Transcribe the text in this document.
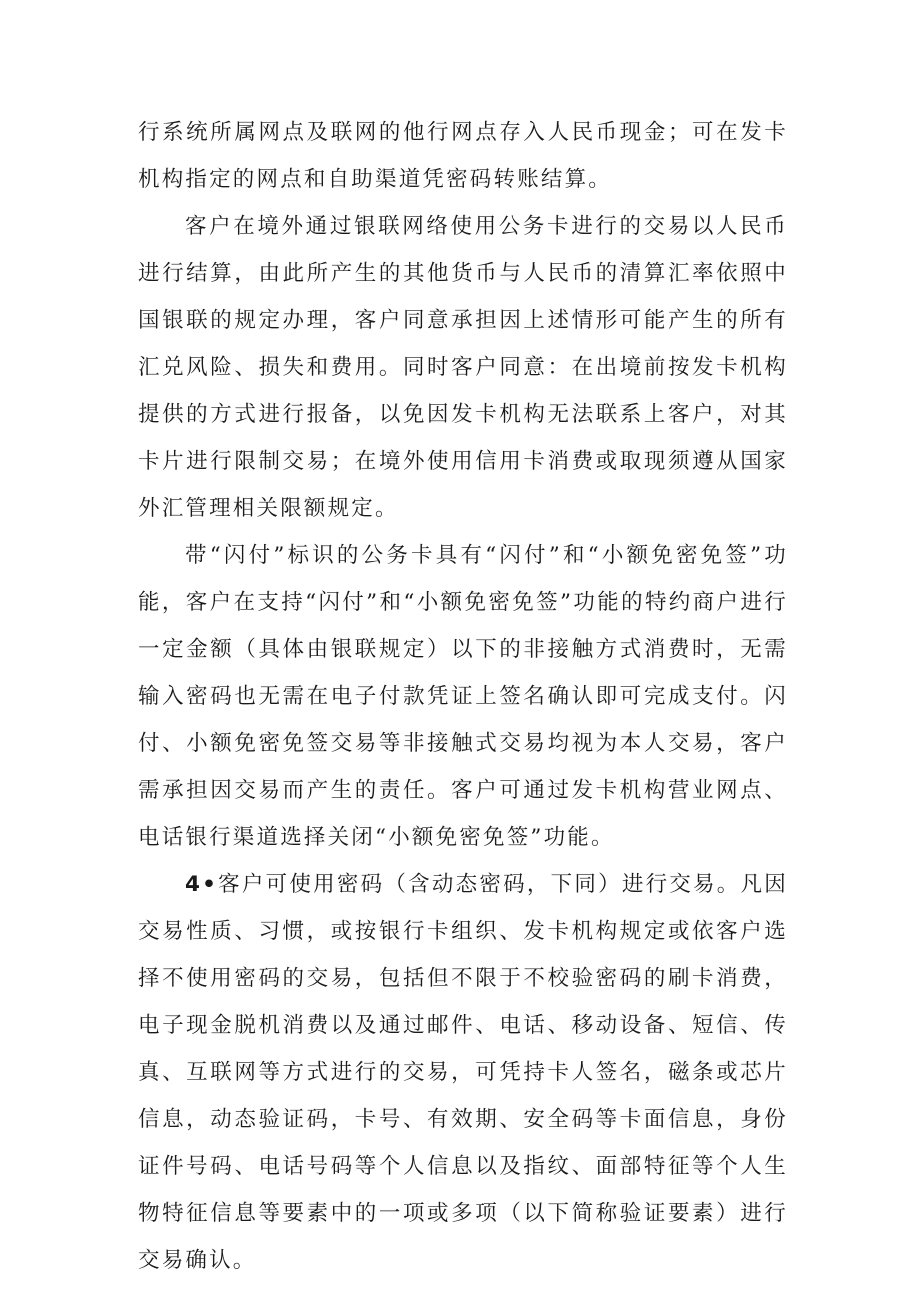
行系统所属网点及联网的他行网点存入人民币现金；可在发卡机构指定的网点和自助渠道凭密码转账结算。

客户在境外通过银联网络使用公务卡进行的交易以人民币进行结算，由此所产生的其他货币与人民币的清算汇率依照中国银联的规定办理，客户同意承担因上述情形可能产生的所有汇兑风险、损失和费用。同时客户同意：在出境前按发卡机构提供的方式进行报备，以免因发卡机构无法联系上客户，对其卡片进行限制交易；在境外使用信用卡消费或取现须遵从国家外汇管理相关限额规定。

带“闪付”标识的公务卡具有“闪付”和“小额免密免签”功能，客户在支持“闪付”和“小额免密免签”功能的特约商户进行一定金额（具体由银联规定）以下的非接触方式消费时，无需输入密码也无需在电子付款凭证上签名确认即可完成支付。闪付、小额免密免签交易等非接触式交易均视为本人交易，客户需承担因交易而产生的责任。客户可通过发卡机构营业网点、电话银行渠道选择关闭“小额免密免签”功能。

4•客户可使用密码（含动态密码，下同）进行交易。凡因交易性质、习惯，或按银行卡组织、发卡机构规定或依客户选择不使用密码的交易，包括但不限于不校验密码的刷卡消费，电子现金脱机消费以及通过邮件、电话、移动设备、短信、传真、互联网等方式进行的交易，可凭持卡人签名，磁条或芯片信息，动态验证码，卡号、有效期、安全码等卡面信息，身份证件号码、电话号码等个人信息以及指纹、面部特征等个人生物特征信息等要素中的一项或多项（以下简称验证要素）进行交易确认。
